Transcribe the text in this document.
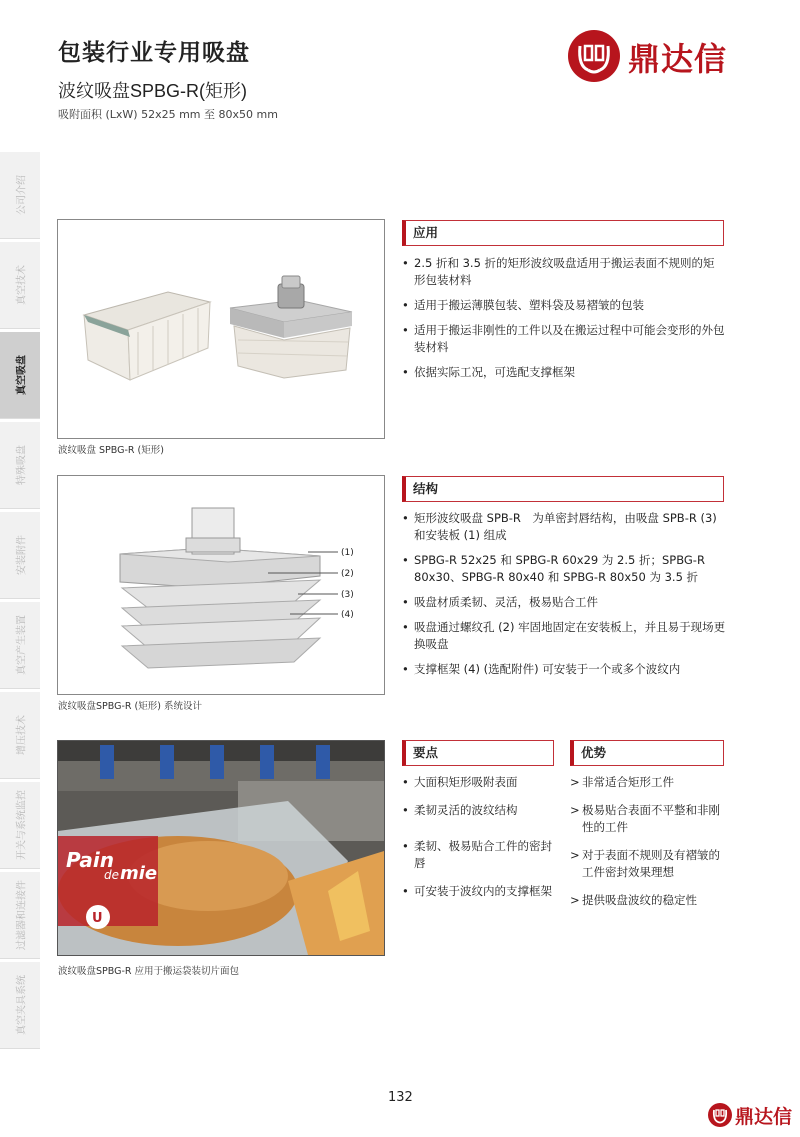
包装行业专用吸盘
波纹吸盘SPBG-R(矩形)
吸附面积 (LxW) 52x25 mm 至 80x50 mm
鼎达信
公司介绍
真空技术
真空吸盘
特殊吸盘
安装附件
真空产生装置
增压技术
开关与系统监控
过滤器和连接件
真空夹具系统
波纹吸盘 SPBG-R (矩形)
(1)
(2)
(3)
(4)
波纹吸盘SPBG-R (矩形) 系统设计
Pain
de mie
U
波纹吸盘SPBG-R 应用于搬运袋装切片面包
应用
• 2.5 折和 3.5 折的矩形波纹吸盘适用于搬运表面不规则的矩形包装材料
• 适用于搬运薄膜包装、塑料袋及易褶皱的包装
• 适用于搬运非刚性的工件以及在搬运过程中可能会变形的外包装材料
• 依据实际工况，可选配支撑框架
结构
• 矩形波纹吸盘 SPB-R　为单密封唇结构，由吸盘 SPB-R (3) 和安装板 (1) 组成
• SPBG-R 52x25 和 SPBG-R 60x29 为 2.5 折；SPBG-R 80x30、SPBG-R 80x40 和 SPBG-R 80x50 为 3.5 折
• 吸盘材质柔韧、灵活，极易贴合工件
• 吸盘通过螺纹孔 (2) 牢固地固定在安装板上，并且易于现场更换吸盘
• 支撑框架 (4) (选配附件) 可安装于一个或多个波纹内
要点
• 大面积矩形吸附表面
• 柔韧灵活的波纹结构
• 柔韧、极易贴合工件的密封唇
• 可安装于波纹内的支撑框架
优势
> 非常适合矩形工件
> 极易贴合表面不平整和非刚性的工件
> 对于表面不规则及有褶皱的工件密封效果理想
> 提供吸盘波纹的稳定性
132
鼎达信
